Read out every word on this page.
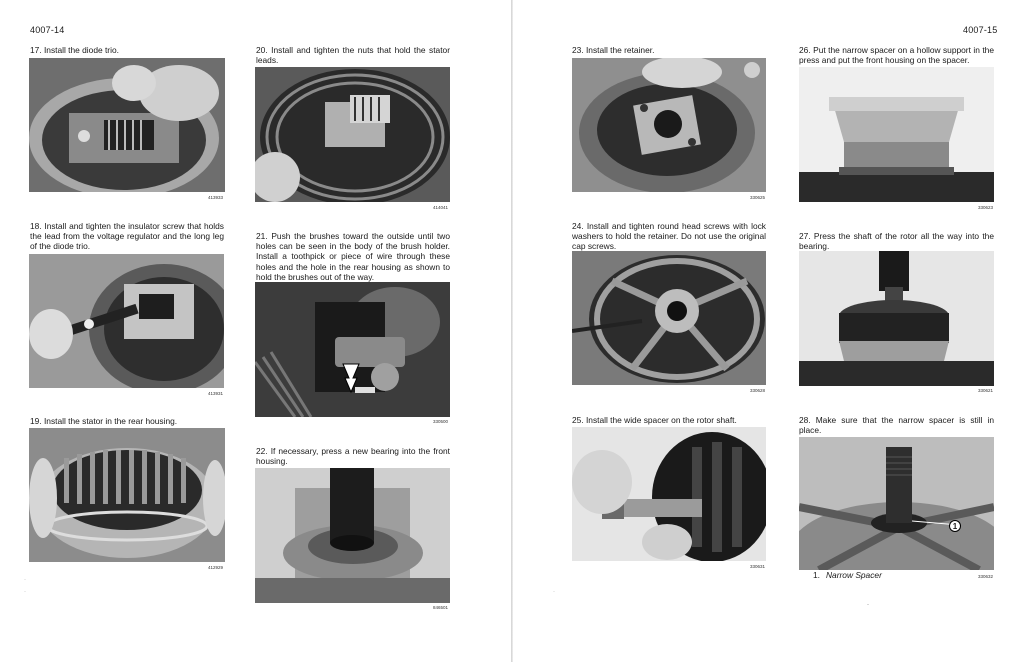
4007-14

17. Install the diode trio.

413933

18. Install and tighten the insulator screw that holds the lead from the voltage regulator and the long leg of the diode trio.

413931

19. Install the stator in the rear housing.

412929

20. Install and tighten the nuts that hold the stator leads.

414041

21. Push the brushes toward the outside until two holes can be seen in the body of the brush holder. Install a toothpick or piece of wire through these holes and the hole in the rear housing as shown to hold the brushes out of the way.

330500

22. If necessary, press a new bearing into the front housing.

846501
·
·
4007-15

23. Install the retainer.

330625

24. Install and tighten round head screws with lock washers to hold the retainer. Do not use the original cap screws.

330628

25. Install the wide spacer on the rotor shaft.

330631

26. Put the narrow spacer on a hollow support in the press and put the front housing on the spacer.

330623

27. Press the shaft of the rotor all the way into the bearing.

330621

28. Make sure that the narrow spacer is still in place.

1
1. Narrow Spacer	330632
·
-
